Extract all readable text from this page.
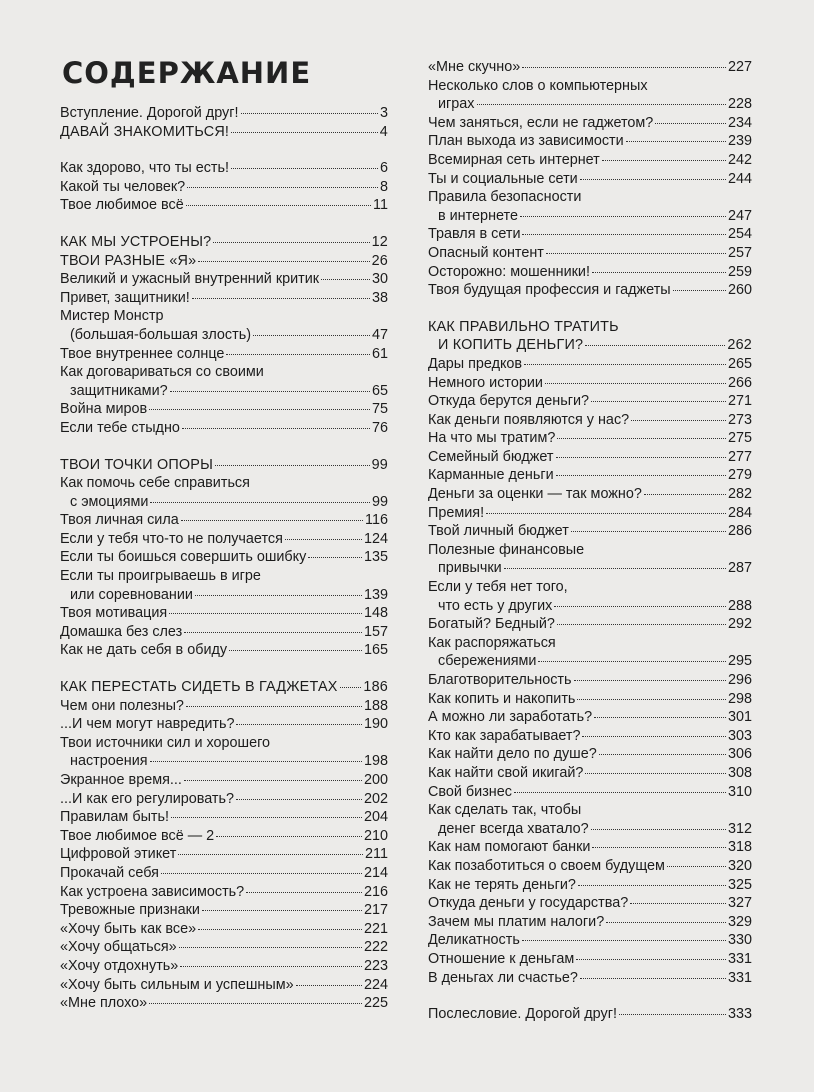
СОДЕРЖАНИЕ
Вступление. Дорогой друг!	3
ДАВАЙ ЗНАКОМИТЬСЯ!	4
Как здорово, что ты есть!	6
Какой ты человек?	8
Твое любимое всё	11
КАК МЫ УСТРОЕНЫ?	12
ТВОИ РАЗНЫЕ «Я»	26
Великий и ужасный внутренний критик	30
Привет, защитники!	38
Мистер Монстр
(большая-большая злость)	47
Твое внутреннее солнце	61
Как договариваться со своими
защитниками?	65
Война миров	75
Если тебе стыдно	76
ТВОИ ТОЧКИ ОПОРЫ	99
Как помочь себе справиться
с эмоциями	99
Твоя личная сила	116
Если у тебя что-то не получается	124
Если ты боишься совершить ошибку	135
Если ты проигрываешь в игре
или соревновании	139
Твоя мотивация	148
Домашка без слез	157
Как не дать себя в обиду	165
КАК ПЕРЕСТАТЬ СИДЕТЬ В ГАДЖЕТАХ 186
Чем они полезны?	188
...И чем могут навредить?	190
Твои источники сил и хорошего
настроения	198
Экранное время...	200
...И как его регулировать?	202
Правилам быть!	204
Твое любимое всё — 2	210
Цифровой этикет	211
Прокачай себя	214
Как устроена зависимость?	216
Тревожные признаки	217
«Хочу быть как все»	221
«Хочу общаться»	222
«Хочу отдохнуть»	223
«Хочу быть сильным и успешным»	224
«Мне плохо»	225
«Мне скучно»	227
Несколько слов о компьютерных
играх	228
Чем заняться, если не гаджетом?	234
План выхода из зависимости	239
Всемирная сеть интернет	242
Ты и социальные сети	244
Правила безопасности
в интернете	247
Травля в сети	254
Опасный контент	257
Осторожно: мошенники!	259
Твоя будущая профессия и гаджеты	260
КАК ПРАВИЛЬНО ТРАТИТЬ
И КОПИТЬ ДЕНЬГИ?	262
Дары предков	265
Немного истории	266
Откуда берутся деньги?	271
Как деньги появляются у нас?	273
На что мы тратим?	275
Семейный бюджет	277
Карманные деньги	279
Деньги за оценки — так можно?	282
Премия!	284
Твой личный бюджет	286
Полезные финансовые
привычки	287
Если у тебя нет того,
что есть у других	288
Богатый? Бедный?	292
Как распоряжаться
сбережениями	295
Благотворительность	296
Как копить и накопить	298
А можно ли заработать?	301
Кто как зарабатывает?	303
Как найти дело по душе?	306
Как найти свой икигай?	308
Свой бизнес	310
Как сделать так, чтобы
денег всегда хватало?	312
Как нам помогают банки	318
Как позаботиться о своем будущем	320
Как не терять деньги?	325
Откуда деньги у государства?	327
Зачем мы платим налоги?	329
Деликатность	330
Отношение к деньгам	331
В деньгах ли счастье?	331
Послесловие. Дорогой друг!	333
